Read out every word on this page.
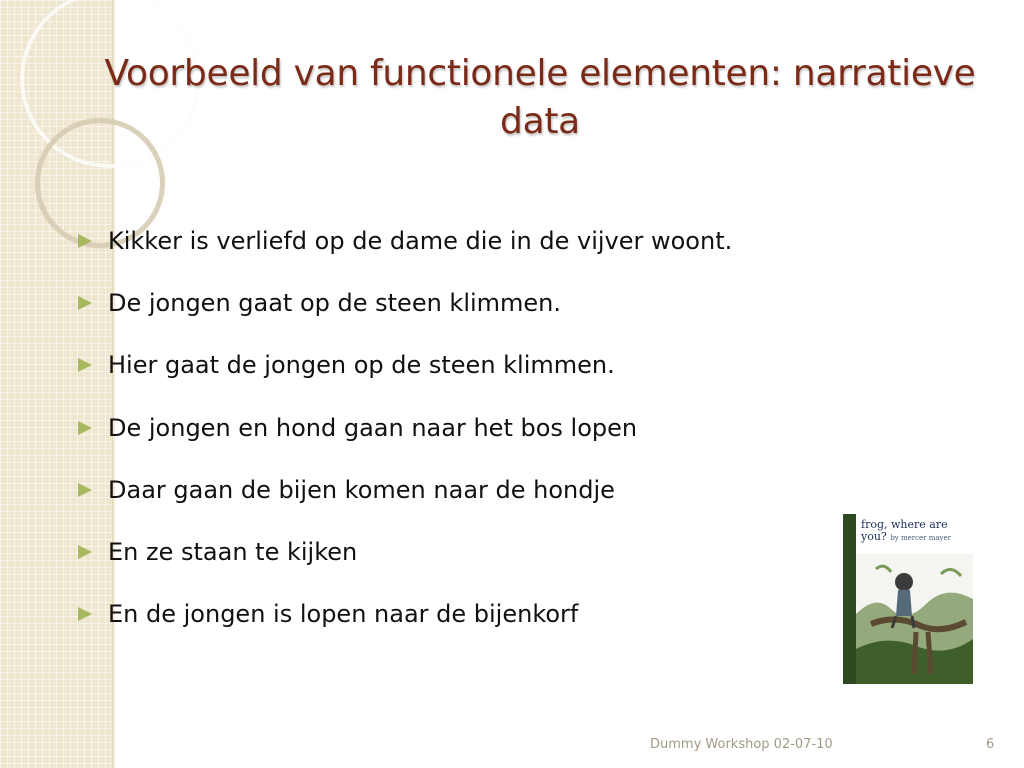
Voorbeeld van functionele elementen: narratieve data
Kikker is verliefd op de dame die in de vijver woont.
De jongen gaat op de steen klimmen.
Hier gaat de jongen op de steen klimmen.
De jongen en hond gaan naar het bos lopen
Daar gaan de bijen komen naar de hondje
En ze staan te kijken
En de jongen is lopen naar de bijenkorf
frog, where are you? by mercer mayer
Dummy Workshop 02-07-10	6
